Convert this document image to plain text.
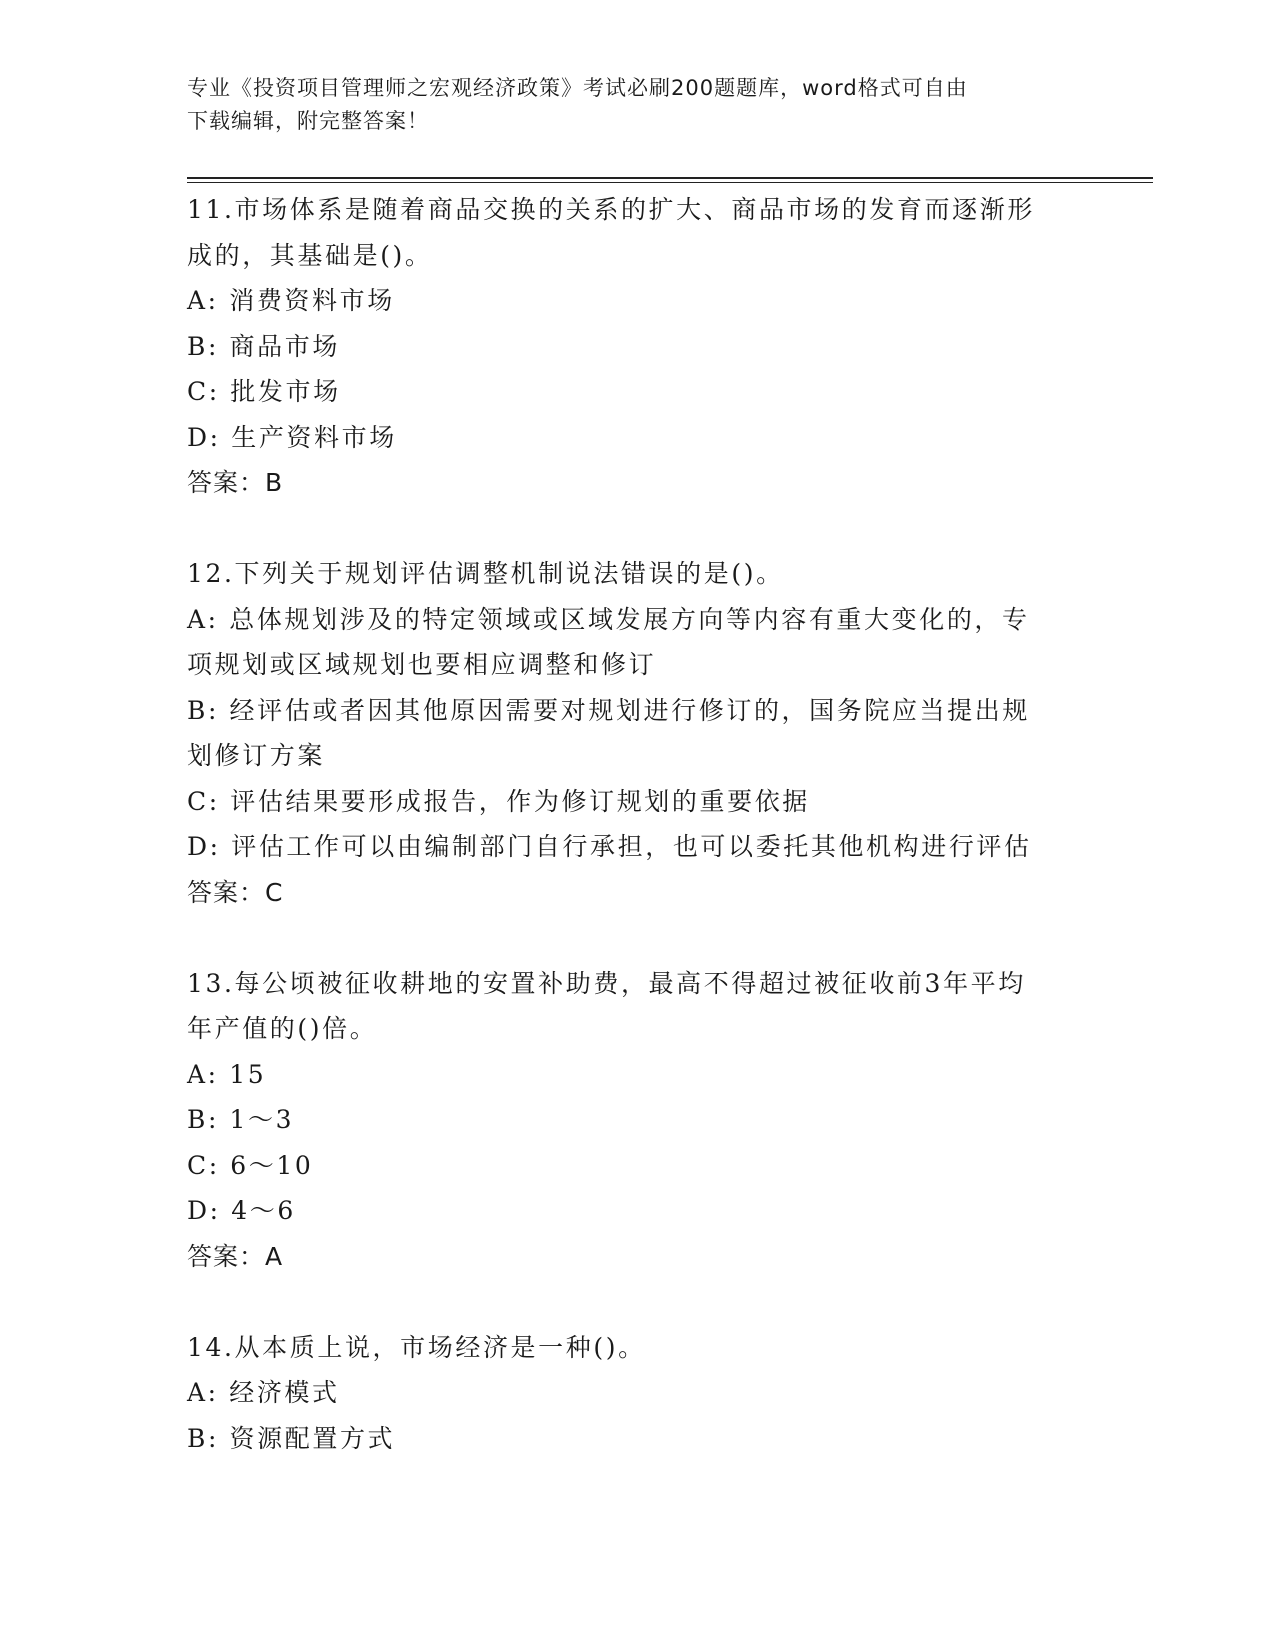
专业《投资项目管理师之宏观经济政策》考试必刷200题题库，word格式可自由
下载编辑，附完整答案！
11.市场体系是随着商品交换的关系的扩大、商品市场的发育而逐渐形
成的，其基础是()。
A: 消费资料市场
B: 商品市场
C: 批发市场
D: 生产资料市场
答案：B
12.下列关于规划评估调整机制说法错误的是()。
A: 总体规划涉及的特定领域或区域发展方向等内容有重大变化的，专
项规划或区域规划也要相应调整和修订
B: 经评估或者因其他原因需要对规划进行修订的，国务院应当提出规
划修订方案
C: 评估结果要形成报告，作为修订规划的重要依据
D: 评估工作可以由编制部门自行承担，也可以委托其他机构进行评估
答案：C
13.每公顷被征收耕地的安置补助费，最高不得超过被征收前3年平均
年产值的()倍。
A: 15
B: 1～3
C: 6～10
D: 4～6
答案：A
14.从本质上说，市场经济是一种()。
A: 经济模式
B: 资源配置方式
